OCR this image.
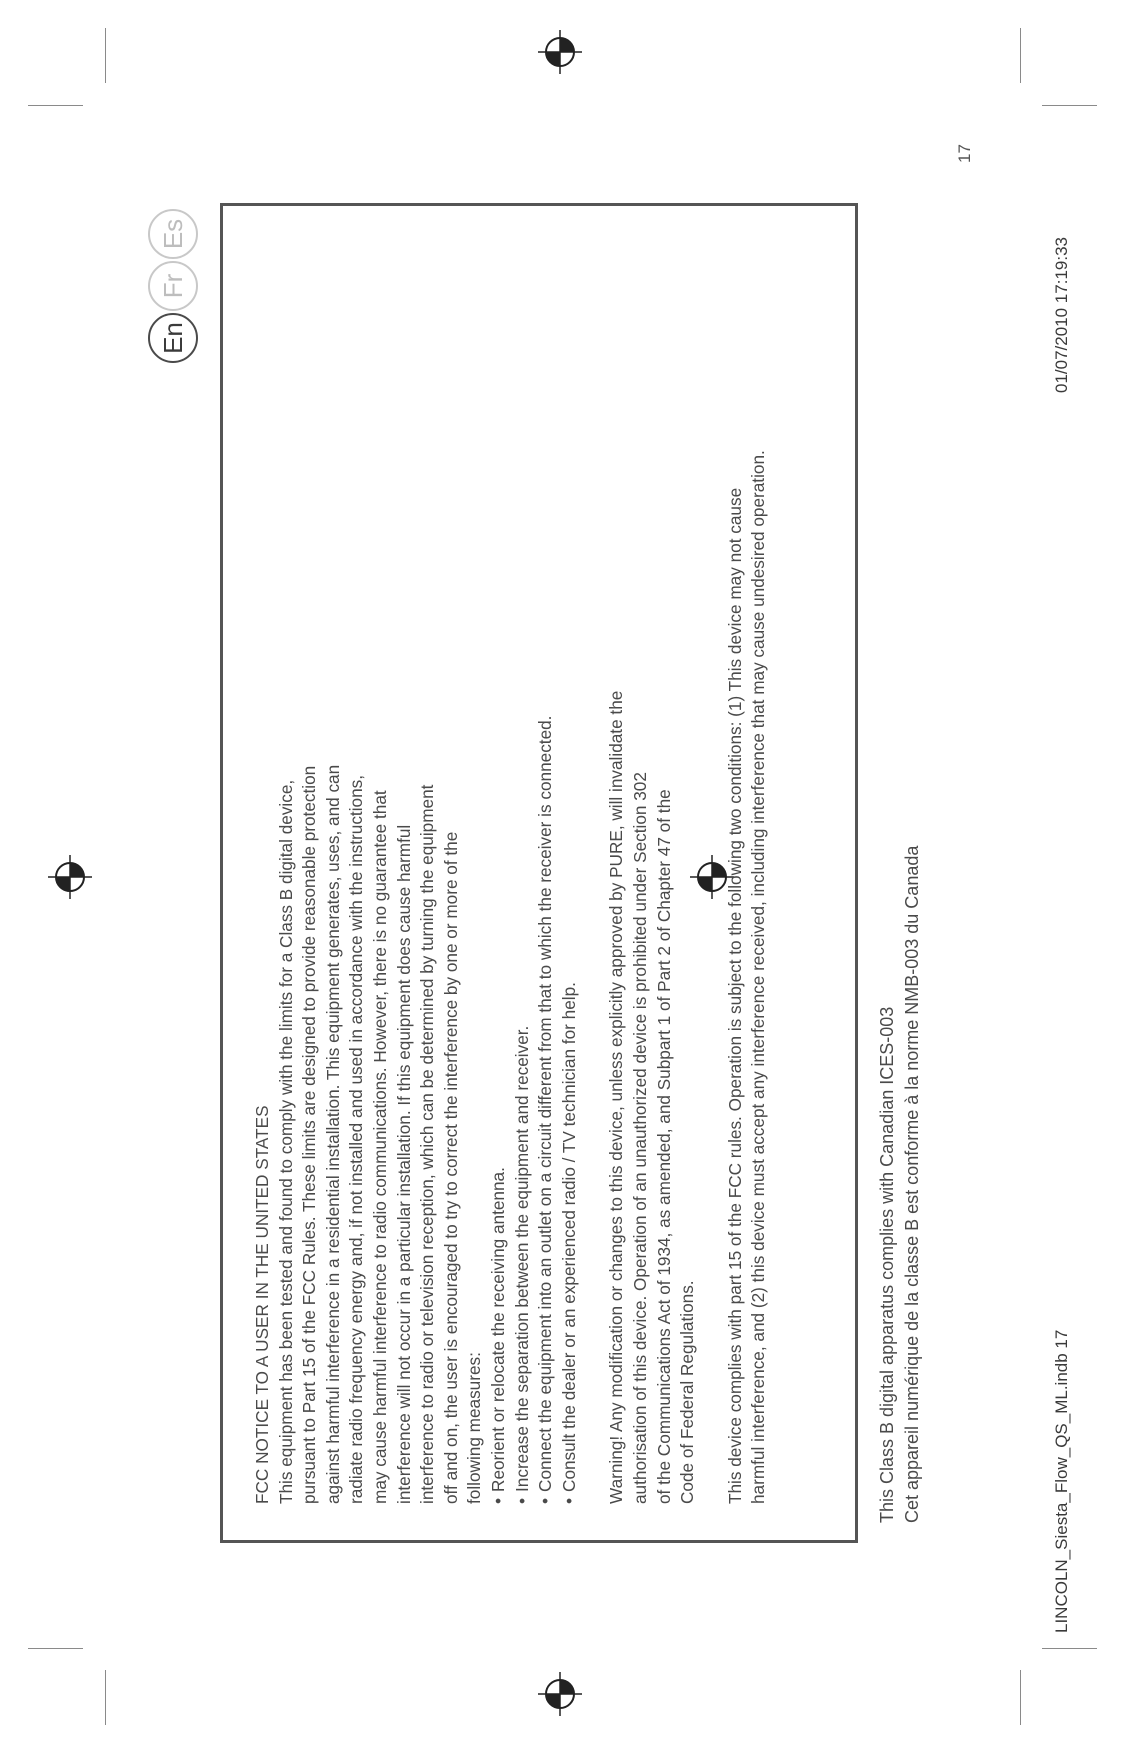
LINCOLN_Siesta_Flow_QS_ML.indb 17
01/07/2010 17:19:33
17
En
Fr
Es

FCC NOTICE TO A USER IN THE UNITED STATES This equipment has been tested and found to comply with the limits for a Class B digital device, pursuant to Part 15 of the FCC Rules. These limits are designed to provide reasonable protection against harmful interference in a residential installation. This equipment generates, uses, and can radiate radio frequency energy and, if not installed and used in accordance with the instructions, may cause harmful interference to radio communications. However, there is no guarantee that interference will not occur in a particular installation. If this equipment does cause harmful interference to radio or television reception, which can be determined by turning the equipment off and on, the user is encouraged to try to correct the interference by one or more of the following measures: • Reorient or relocate the receiving antenna. • Increase the separation between the equipment and receiver. • Connect the equipment into an outlet on a circuit different from that to which the receiver is connected. • Consult the dealer or an experienced radio / TV technician for help. Warning! Any modification or changes to this device, unless explicitly approved by PURE, will invalidate the authorisation of this device. Operation of an unauthorized device is prohibited under Section 302 of the Communications Act of 1934, as amended, and Subpart 1 of Part 2 of Chapter 47 of the Code of Federal Regulations. This device complies with part 15 of the FCC rules. Operation is subject to the following two conditions: (1) This device may not cause harmful interference, and (2) this device must accept any interference received, including interference that may cause undesired operation.	This Class B digital apparatus complies with Canadian ICES-003 Cet appareil numérique de la classe B est conforme à la norme NMB-003 du Canada
